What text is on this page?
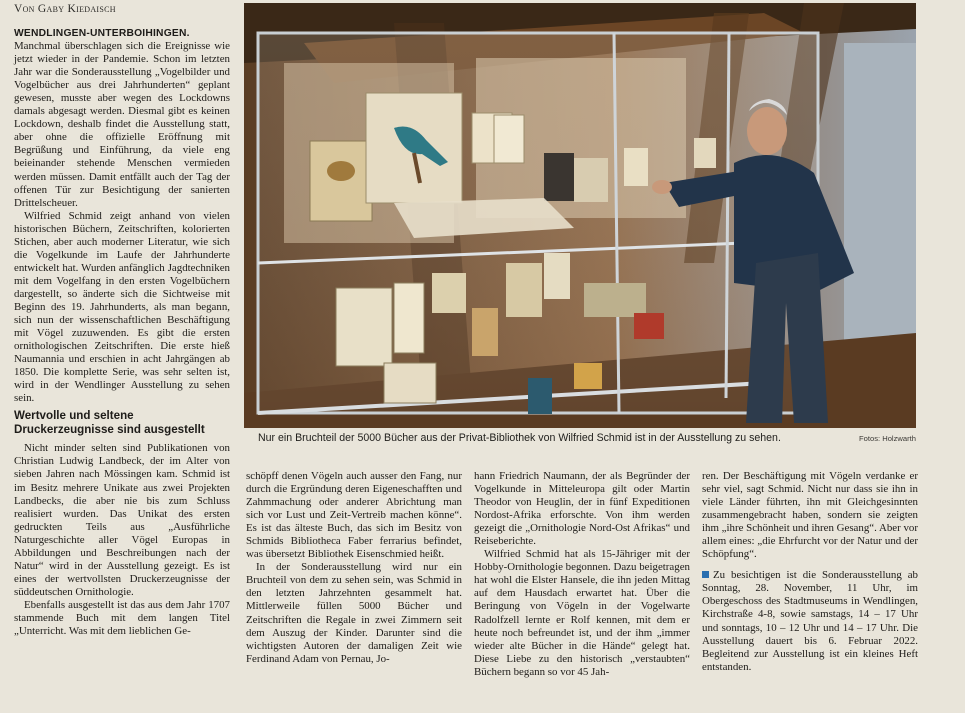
Von Gaby Kiedaisch

WENDLINGEN-UNTERBOIHINGEN. Manchmal überschlagen sich die Ereignisse wie jetzt wieder in der Pandemie. Schon im letzten Jahr war die Sonderausstellung „Vogelbilder und Vogelbücher aus drei Jahrhunderten“ geplant gewesen, musste aber wegen des Lockdowns damals abgesagt werden. Diesmal gibt es keinen Lockdown, deshalb findet die Ausstellung statt, aber ohne die offizielle Eröffnung mit Begrüßung und Einführung, da viele eng beieinander stehende Menschen vermieden werden müssen. Damit entfällt auch der Tag der offenen Tür zur Besichtigung der sanierten Drittelscheuer.

Wilfried Schmid zeigt anhand von vielen historischen Büchern, Zeitschriften, kolorierten Stichen, aber auch moderner Literatur, wie sich die Vogelkunde im Laufe der Jahrhunderte entwickelt hat. Wurden anfänglich Jagdtechniken mit dem Vogelfang in den ersten Vogelbüchern dargestellt, so änderte sich die Sichtweise mit Beginn des 19. Jahrhunderts, als man begann, sich nun der wissenschaftlichen Beschäftigung mit Vögel zuzuwenden. Es gibt die ersten ornithologischen Zeitschriften. Die erste hieß Naumannia und erschien in acht Jahrgängen ab 1850. Die komplette Serie, was sehr selten ist, wird in der Wendlinger Ausstellung zu sehen sein.

Wertvolle und seltene Druckerzeugnisse sind ausgestellt

Nicht minder selten sind Publikationen von Christian Ludwig Landbeck, der im Alter von sieben Jahren nach Mössingen kam. Schmid ist im Besitz mehrere Unikate aus zwei Projekten Landbecks, die aber nie bis zum Schluss realisiert wurden. Das Unikat des ersten gedruckten Teils aus „Ausführliche Naturgeschichte aller Vögel Europas in Abbildungen und Beschreibungen nach der Natur“ wird in der Ausstellung gezeigt. Es ist eines der wertvollsten Druckerzeugnisse der süddeutschen Ornithologie.

Ebenfalls ausgestellt ist das aus dem Jahr 1707 stammende Buch mit dem langen Titel „Unterricht. Was mit dem lieblichen Ge-

Nur ein Bruchteil der 5000 Bücher aus der Privat-Bibliothek von Wilfried Schmid ist in der Ausstellung zu sehen.	Fotos: Holzwarth

schöpff denen Vögeln auch ausser den Fang, nur durch die Ergründung deren Eigeneschafften und Zahmmachung oder anderer Abrichtung man sich vor Lust und Zeit-Vertreib machen könne“. Es ist das älteste Buch, das sich im Besitz von Schmids Bibliotheca Faber ferrarius befindet, was übersetzt Bibliothek Eisenschmied heißt.

In der Sonderausstellung wird nur ein Bruchteil von dem zu sehen sein, was Schmid in den letzten Jahrzehnten gesammelt hat. Mittlerweile füllen 5000 Bücher und Zeitschriften die Regale in zwei Zimmern seit dem Auszug der Kinder. Darunter sind die wichtigsten Autoren der damaligen Zeit wie Ferdinand Adam von Pernau, Jo-

hann Friedrich Naumann, der als Begründer der Vogelkunde in Mitteleuropa gilt oder Martin Theodor von Heuglin, der in fünf Expeditionen Nordost-Afrika erforschte. Von ihm werden gezeigt die „Ornithologie Nord-Ost Afrikas“ und Reiseberichte.

Wilfried Schmid hat als 15-Jähriger mit der Hobby-Ornithologie begonnen. Dazu beigetragen hat wohl die Elster Hansele, die ihn jeden Mittag auf dem Hausdach erwartet hat. Über die Beringung von Vögeln in der Vogelwarte Radolfzell lernte er Rolf kennen, mit dem er heute noch befreundet ist, und der ihm „immer wieder alte Bücher in die Hände“ gelegt hat. Diese Liebe zu den historisch „verstaubten“ Büchern begann so vor 45 Jah-

ren. Der Beschäftigung mit Vögeln verdanke er sehr viel, sagt Schmid. Nicht nur dass sie ihn in viele Länder führten, ihn mit Gleichgesinnten zusammengebracht haben, sondern sie zeigten ihm „ihre Schönheit und ihren Gesang“. Aber vor allem eines: „die Ehrfurcht vor der Natur und der Schöpfung“.

Zu besichtigen ist die Sonderausstellung ab Sonntag, 28. November, 11 Uhr, im Obergeschoss des Stadtmuseums in Wendlingen, Kirchstraße 4-8, sowie samstags, 14 – 17 Uhr und sonntags, 10 – 12 Uhr und 14 – 17 Uhr. Die Ausstellung dauert bis 6. Februar 2022. Begleitend zur Ausstellung ist ein kleines Heft entstanden.
